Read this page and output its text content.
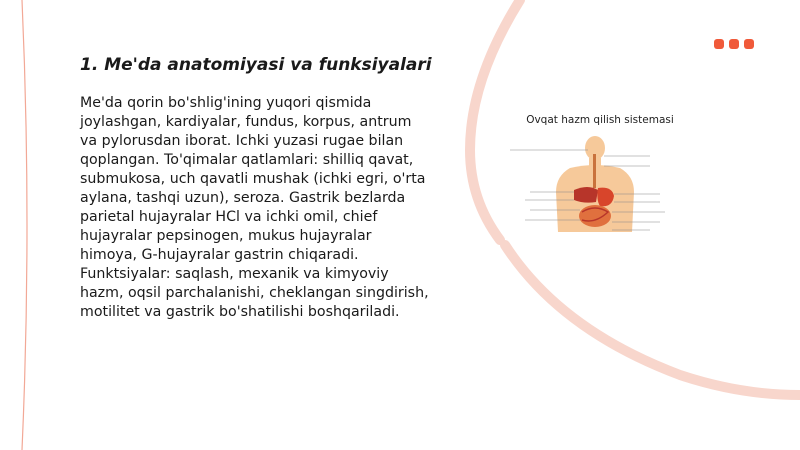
1. Me'da anatomiyasi va funksiyalari
Me'da qorin bo'shlig'ining yuqori qismida joylashgan, kardiyalar, fundus, korpus, antrum va pylorusdan iborat. Ichki yuzasi rugae bilan qoplangan. To'qimalar qatlamlari: shilliq qavat, submukosa, uch qavatli mushak (ichki egri, o'rta aylana, tashqi uzun), seroza. Gastrik bezlarda parietal hujayralar HCl va ichki omil, chief hujayralar pepsinogen, mukus hujayralar himoya, G-hujayralar gastrin chiqaradi. Funktsiyalar: saqlash, mexanik va kimyoviy hazm, oqsil parchalanishi, cheklangan singdirish, motilitet va gastrik bo'shatilishi boshqariladi.
Ovqat hazm qilish sistemasi
